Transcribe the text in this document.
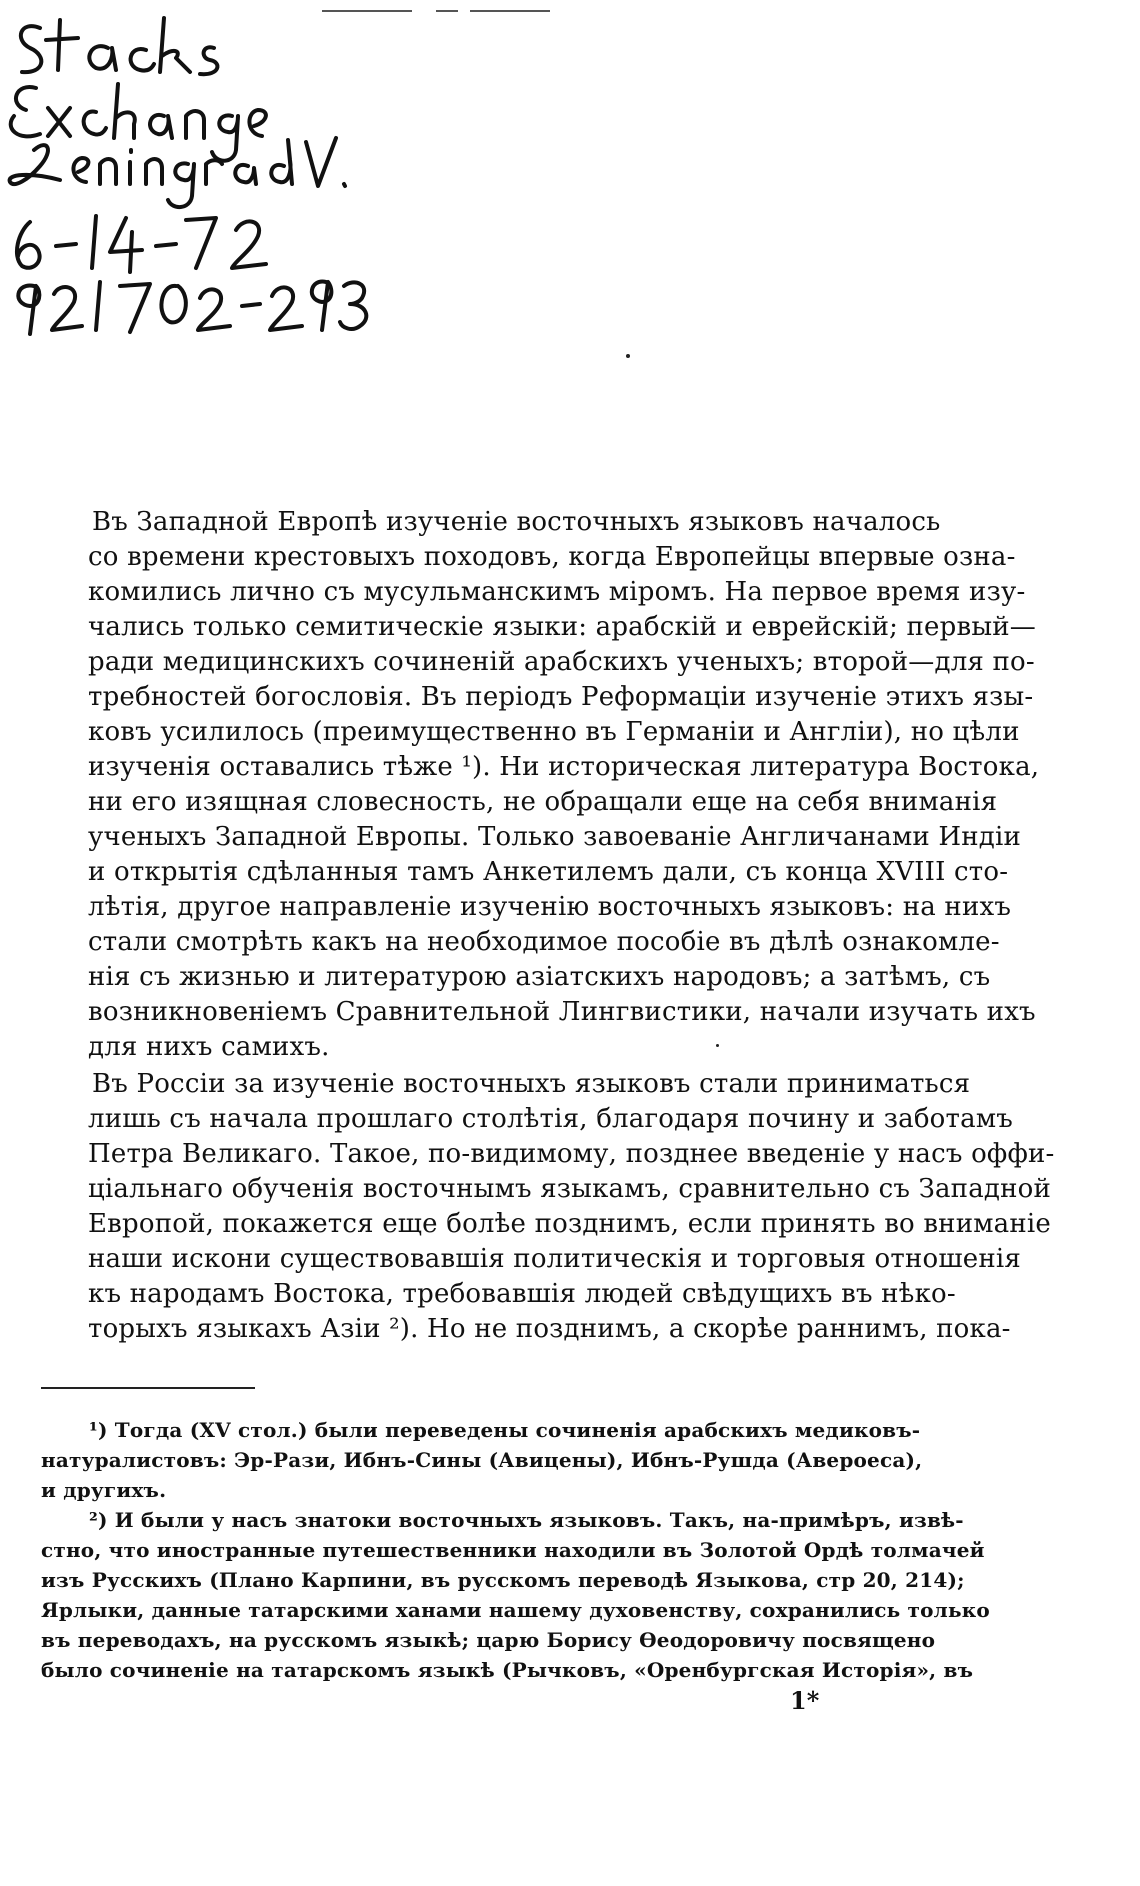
Въ Западной Европѣ изученіе восточныхъ языковъ началось
со времени крестовыхъ походовъ, когда Европейцы впервые озна-
комились лично съ мусульманскимъ міромъ. На первое время изу-
чались только семитическіе языки: арабскій и еврейскій; первый—
ради медицинскихъ сочиненій арабскихъ ученыхъ; второй—для по-
требностей богословія. Въ періодъ Реформаціи изученіе этихъ язы-
ковъ усилилось (преимущественно въ Германіи и Англіи), но цѣли
изученія оставались тѣже ¹). Ни историческая литература Востока,
ни его изящная словесность, не обращали еще на себя вниманія
ученыхъ Западной Европы. Только завоеваніе Англичанами Индіи
и открытія сдѣланныя тамъ Анкетилемъ дали, съ конца XVIII сто-
лѣтія, другое направленіе изученію восточныхъ языковъ: на нихъ
стали смотрѣть какъ на необходимое пособіе въ дѣлѣ ознакомле-
нія съ жизнью и литературою азіатскихъ народовъ; а затѣмъ, съ
возникновеніемъ Сравнительной Лингвистики, начали изучать ихъ
для нихъ самихъ.
Въ Россіи за изученіе восточныхъ языковъ стали приниматься
лишь съ начала прошлаго столѣтія, благодаря почину и заботамъ
Петра Великаго. Такое, по-видимому, позднее введеніе у насъ оффи-
ціальнаго обученія восточнымъ языкамъ, сравнительно съ Западной
Европой, покажется еще болѣе позднимъ, если принять во вниманіе
наши искони существовавшія политическія и торговыя отношенія
къ народамъ Востока, требовавшія людей свѣдущихъ въ нѣко-
торыхъ языкахъ Азіи ²). Но не позднимъ, а скорѣе раннимъ, пока-
¹) Тогда (XV стол.) были переведены сочиненія арабскихъ медиковъ-
натуралистовъ: Эр-Рази, Ибнъ-Сины (Авицены), Ибнъ-Рушда (Авероеса),
и другихъ.
²) И были у насъ знатоки восточныхъ языковъ. Такъ, на-примѣръ, извѣ-
стно, что иностранные путешественники находили въ Золотой Ордѣ толмачей
изъ Русскихъ (Плано Карпини, въ русскомъ переводѣ Языкова, стр 20, 214);
Ярлыки, данные татарскими ханами нашему духовенству, сохранились только
въ переводахъ, на русскомъ языкѣ; царю Борису Ѳеодоровичу посвящено
было сочиненіе на татарскомъ языкѣ (Рычковъ, «Оренбургская Исторія», въ
1*
